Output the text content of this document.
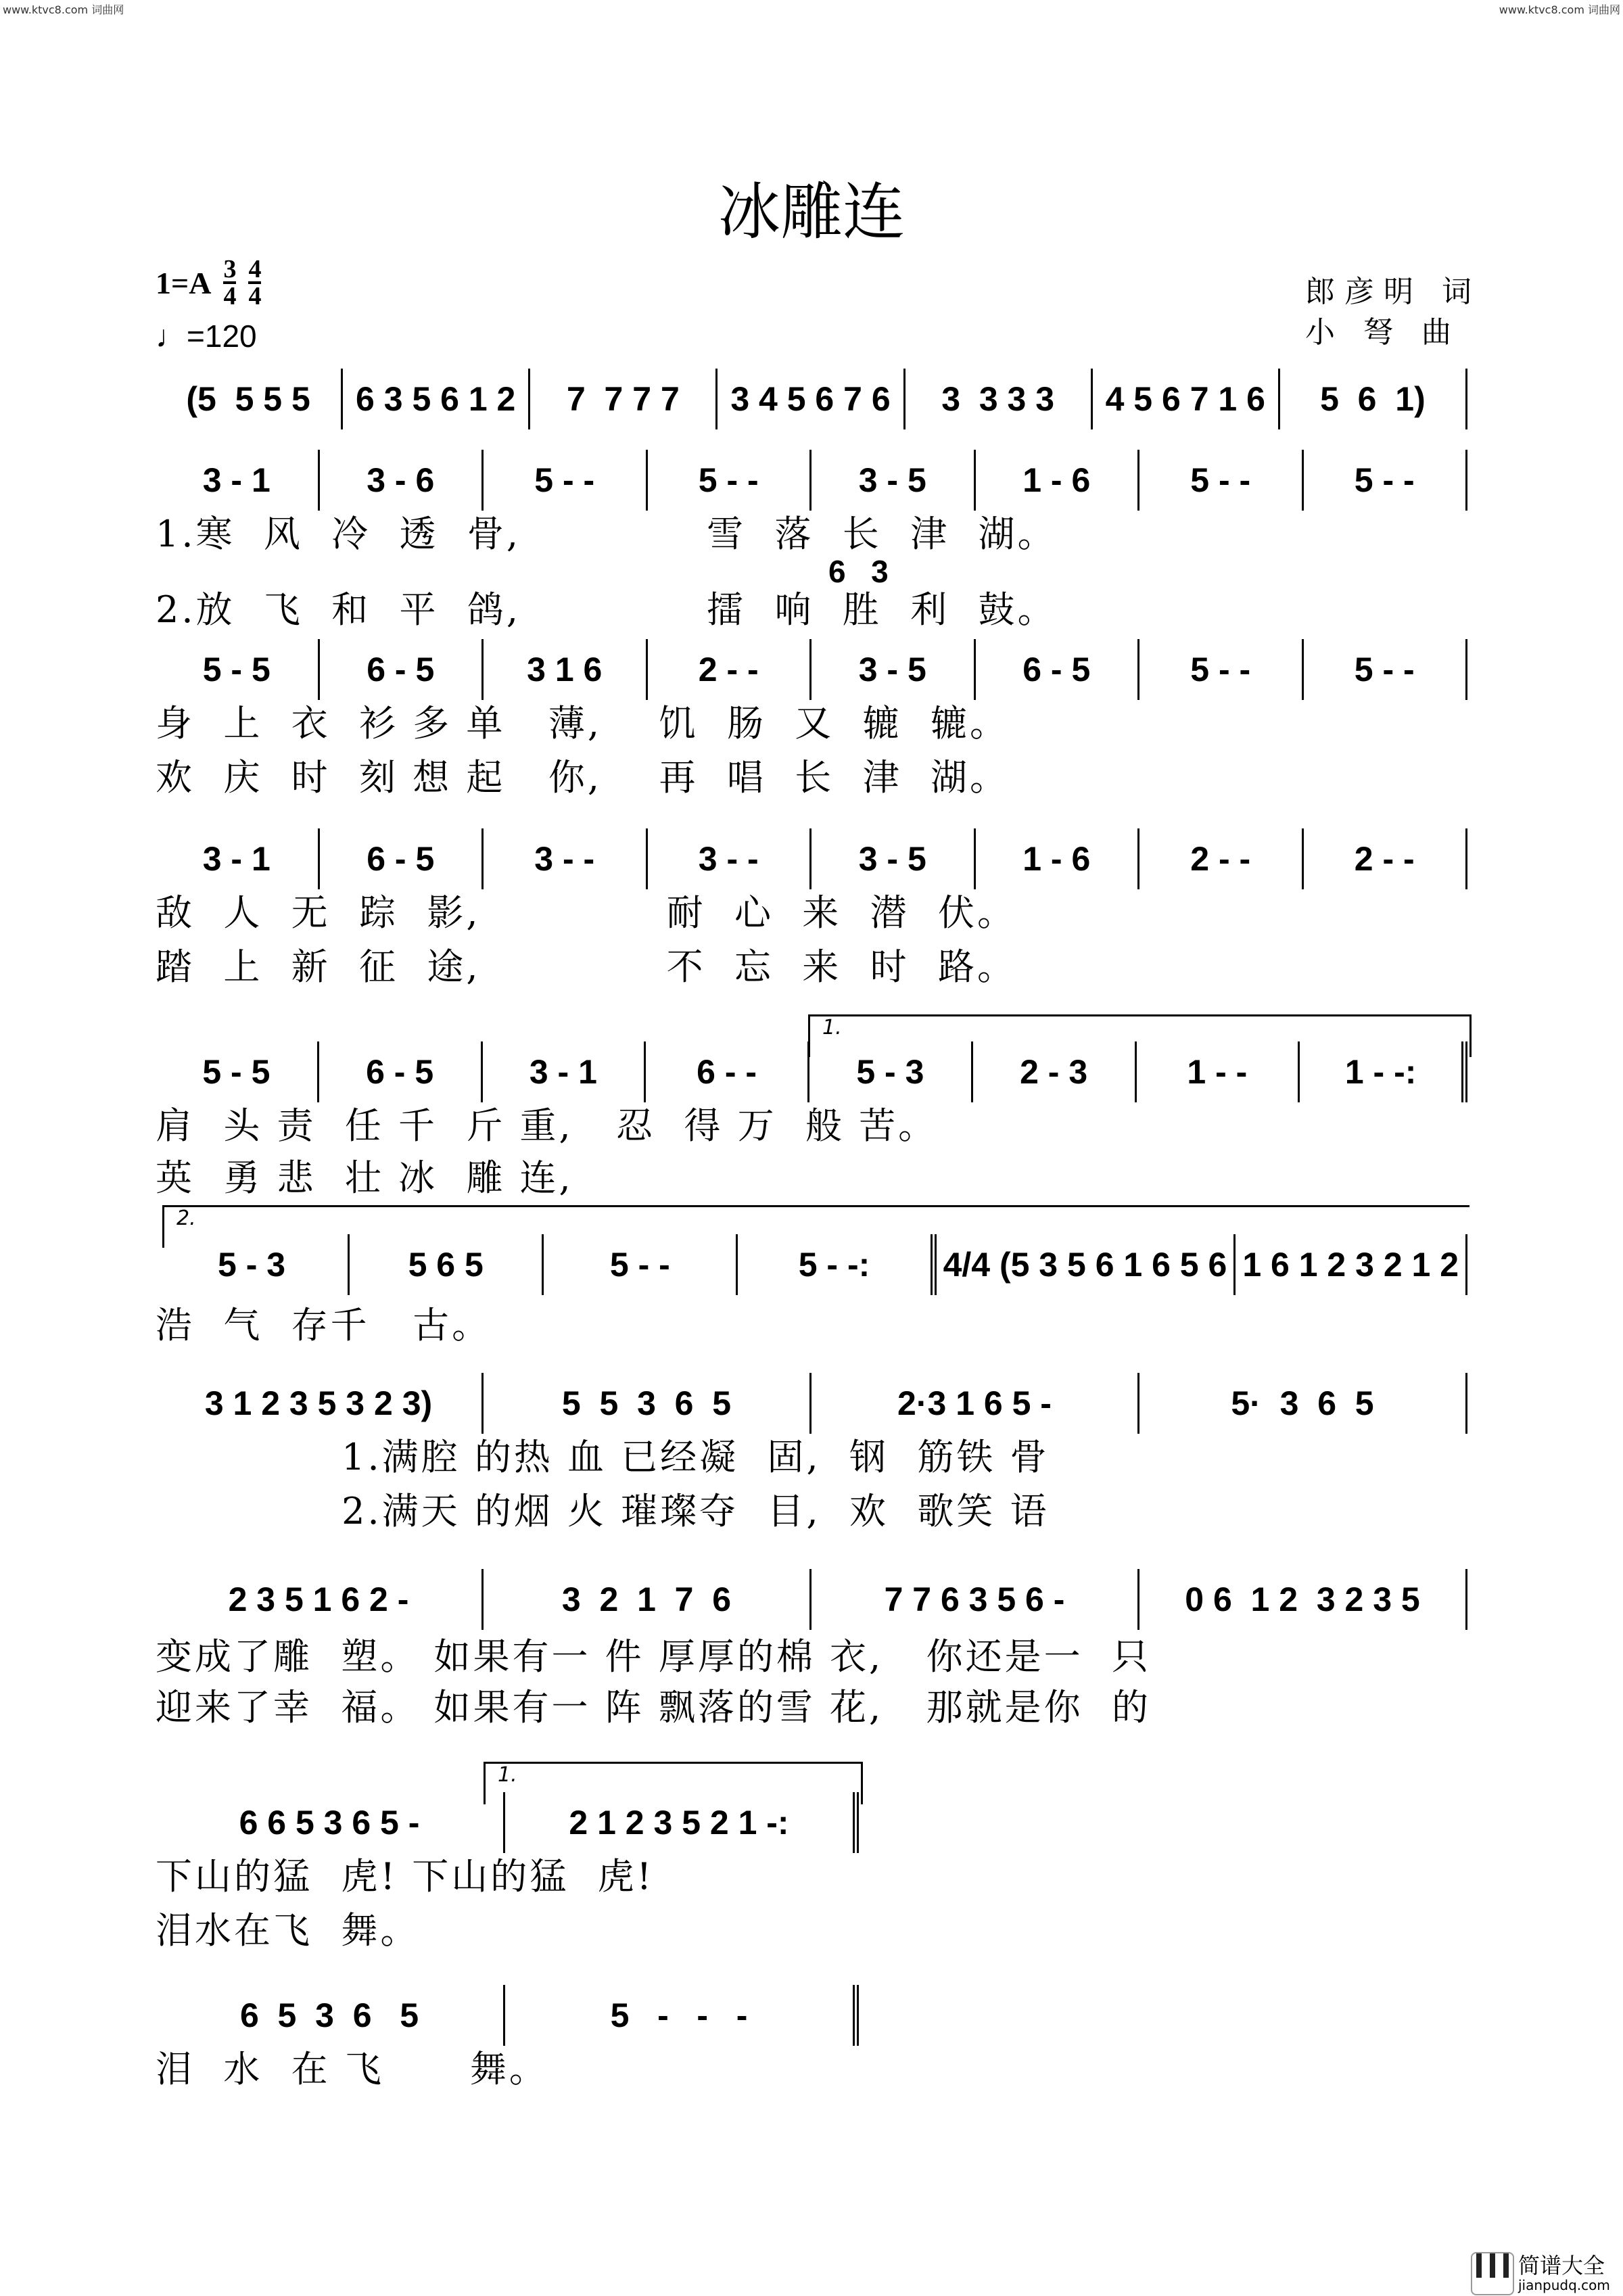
www.ktvc8.com 词曲网	www.ktvc8.com 词曲网
冰雕连
$1=A \frac{3}{4} \frac{4}{4}$
♩=120
郎彦明 词
小 弩 曲
(5  5 5 5	6 3 5 6 1 2	7  7 7 7	3 4 5 6 7 6	3  3 3 3	4 5 6 7 1 6	5  6  1)
3 - 1	3 - 6	5 - -	5 - -	3 - 5	1 - 6	5 - -	5 - -
1.寒  风  冷  透  骨,             雪  落  长  津  湖。
2.放  飞  和  平  鸽,             擂  响  胜  利  鼓。
6  3
5 - 5	6 - 5	3 1 6	2 - -	3 - 5	6 - 5	5 - -	5 - -
身  上  衣  衫 多 单   薄,    饥  肠  又  辘  辘。
欢  庆  时  刻 想 起   你,    再  唱  长  津  湖。
3 - 1	6 - 5	3 - -	3 - -	3 - 5	1 - 6	2 - -	2 - -
敌  人  无  踪  影,             耐  心  来  潜  伏。
踏  上  新  征  途,             不  忘  来  时  路。
5 - 5	6 - 5	3 - 1	6 - -	5 - 3	2 - 3	1 - -	1 - -:
肩  头 责  任 千  斤 重,   忍  得 万  般 苦。
英  勇 悲  壮 冰  雕 连,
1.
5 - 3	5 6 5	5 - -	5 - -:	4/4 (5 3 5 6 1 6 5 6 1 6 1 2 3 2 1 2
浩  气  存千   古。
2.
3 1 2 3 5 3 2 3)	5  5  3  6  5	2·3 1 6 5 -	5·  3  6  5
1.满腔 的热 血 已经凝  固,  钢  筋铁 骨
2.满天 的烟 火 璀璨夺  目,  欢  歌笑 语
2 3 5 1 6 2 -	3  2  1  7  6	7 7 6 3 5 6 -	0 6  1 2  3 2 3 5
变成了雕  塑。 如果有一 件 厚厚的棉 衣,   你还是一  只
迎来了幸  福。 如果有一 阵 飘落的雪 花,   那就是你  的
6 6 5 3 6 5 -	2 1 2 3 5 2 1 -:
下山的猛  虎! 下山的猛  虎!
泪水在飞  舞。
1.
6  5  3  6   5	5   -   -   -
泪  水  在 飞      舞。
简谱大全
jianpudq.com
